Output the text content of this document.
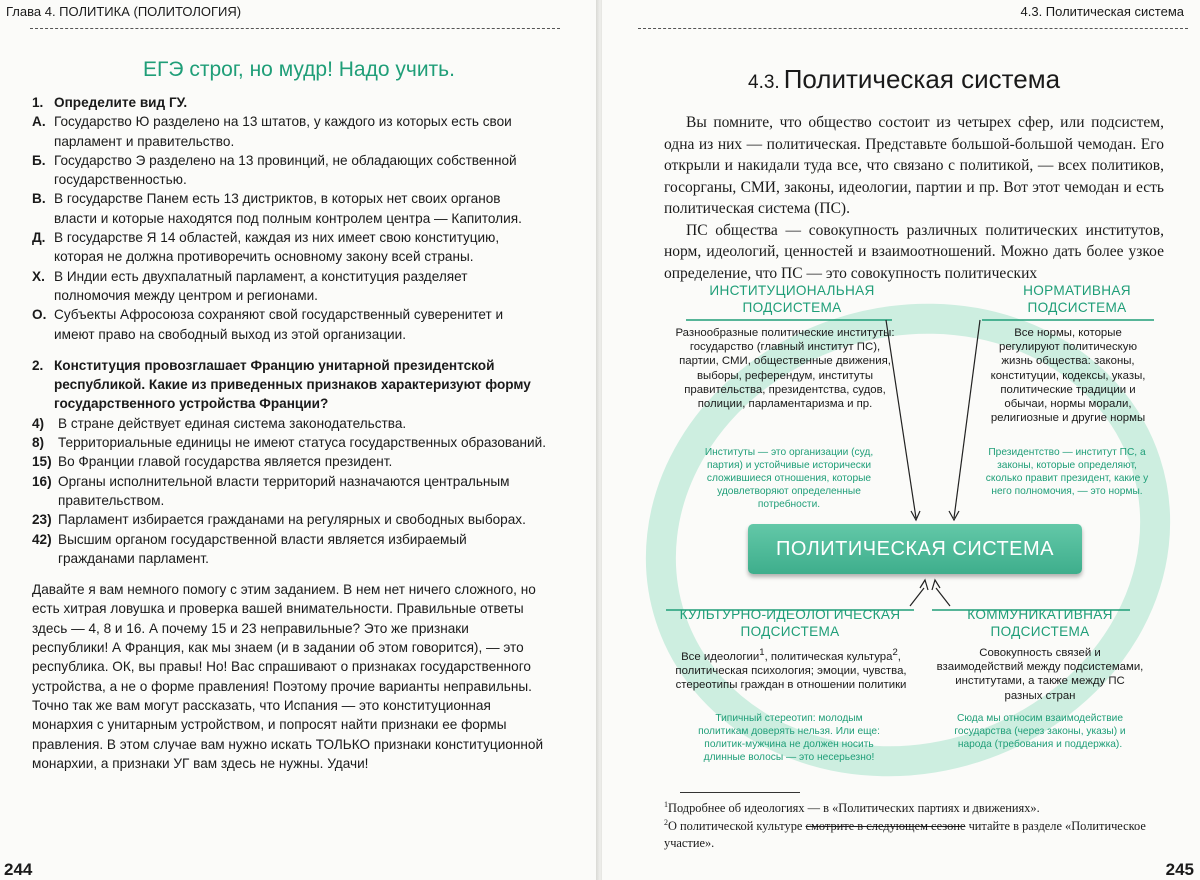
Глава 4. ПОЛИТИКА (ПОЛИТОЛОГИЯ)
ЕГЭ строг, но мудр! Надо учить.
1. Определите вид ГУ.
А. Государство Ю разделено на 13 штатов, у каждого из которых есть свои парламент и правительство.
Б. Государство Э разделено на 13 провинций, не обладающих собственной государственностью.
В. В государстве Панем есть 13 дистриктов, в которых нет своих органов власти и которые находятся под полным контролем центра — Капитолия.
Д. В государстве Я 14 областей, каждая из них имеет свою конституцию, которая не должна противоречить основному закону всей страны.
Х. В Индии есть двухпалатный парламент, а конституция разделяет полномочия между центром и регионами.
О. Субъекты Афросоюза сохраняют свой государственный суверенитет и имеют право на свободный выход из этой организации.
2. Конституция провозглашает Францию унитарной президентской республикой. Какие из приведенных признаков характеризуют форму государственного устройства Франции?
4)	В стране действует единая система законодательства.
8)	Территориальные единицы не имеют статуса государственных образований.
15) Во Франции главой государства является президент.
16) Органы исполнительной власти территорий назначаются центральным правительством.
23) Парламент избирается гражданами на регулярных и свободных выборах.
42) Высшим органом государственной власти является избираемый гражданами парламент.
Давайте я вам немного помогу с этим заданием. В нем нет ничего сложного, но есть хитрая ловушка и проверка вашей внимательности. Правильные ответы здесь — 4, 8 и 16. А почему 15 и 23 неправильные? Это же признаки республики! А Франция, как мы знаем (и в задании об этом говорится), — это республика. ОК, вы правы! Но! Вас спрашивают о признаках государственного устройства, а не о форме правления! Поэтому прочие варианты неправильны. Точно так же вам могут рассказать, что Испания — это конституционная монархия с унитарным устройством, и попросят найти признаки ее формы правления. В этом случае вам нужно искать ТОЛЬКО признаки конституционной монархии, а признаки УГ вам здесь не нужны. Удачи!
244
4.3. Политическая система
4.3. Политическая система

Вы помните, что общество состоит из четырех сфер, или подсистем, одна из них — политическая. Представьте большой-большой чемодан. Его открыли и накидали туда все, что связано с политикой, — всех политиков, госорганы, СМИ, законы, идеологии, партии и пр. Вот этот чемодан и есть политическая система (ПС).

ПС общества — совокупность различных политических институтов, норм, идеологий, ценностей и взаимоотношений. Можно дать более узкое определение, что ПС — это совокупность политических

ИНСТИТУЦИОНАЛЬНАЯ ПОДСИСТЕМА
Разнообразные политические институты: государство (главный институт ПС), партии, СМИ, общественные движения, выборы, референдум, институты правительства, президентства, судов, полиции, парламентаризма и пр.
Институты — это организации (суд, партия) и устойчивые исторически сложившиеся отношения, которые удовлетворяют определенные потребности.
НОРМАТИВНАЯ ПОДСИСТЕМА
Все нормы, которые регулируют политическую жизнь общества: законы, конституции, кодексы, указы, политические традиции и обычаи, нормы морали, религиозные и другие нормы
Президентство — институт ПС, а законы, которые определяют, сколько правит президент, какие у него полномочия, — это нормы.
ПОЛИТИЧЕСКАЯ СИСТЕМА
КУЛЬТУРНО-ИДЕОЛОГИЧЕСКАЯ ПОДСИСТЕМА
Все идеологии$^1$, политическая культура$^2$, политическая психология; эмоции, чувства, стереотипы граждан в отношении политики
Типичный стереотип: молодым политикам доверять нельзя. Или еще: политик-мужчина не должен носить длинные волосы — это несерьезно!
КОММУНИКАТИВНАЯ ПОДСИСТЕМА
Совокупность связей и взаимодействий между подсистемами, институтами, а также между ПС разных стран
Сюда мы относим взаимодействие государства (через законы, указы) и народа (требования и поддержка).
$^1$Подробнее об идеологиях — в «Политических партиях и движениях».
$^2$О политической культуре смотрите в следующем сезоне читайте в разделе «Политическое участие».
245
